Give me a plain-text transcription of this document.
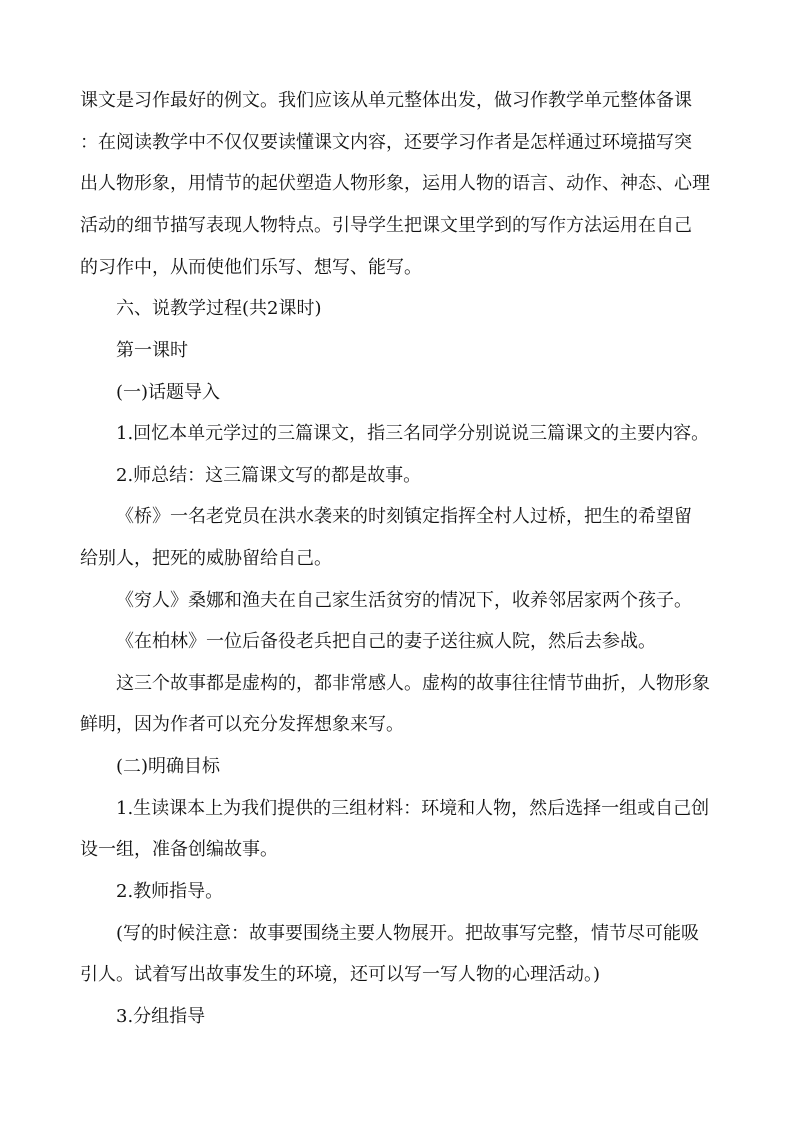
课文是习作最好的例文。我们应该从单元整体出发，做习作教学单元整体备课
：在阅读教学中不仅仅要读懂课文内容，还要学习作者是怎样通过环境描写突
出人物形象，用情节的起伏塑造人物形象，运用人物的语言、动作、神态、心理
活动的细节描写表现人物特点。引导学生把课文里学到的写作方法运用在自己
的习作中，从而使他们乐写、想写、能写。
六、说教学过程(共2课时)
第一课时
(一)话题导入
1.回忆本单元学过的三篇课文，指三名同学分别说说三篇课文的主要内容。
2.师总结：这三篇课文写的都是故事。
《桥》一名老党员在洪水袭来的时刻镇定指挥全村人过桥，把生的希望留
给别人，把死的威胁留给自己。
《穷人》桑娜和渔夫在自己家生活贫穷的情况下，收养邻居家两个孩子。
《在柏林》一位后备役老兵把自己的妻子送往疯人院，然后去参战。
这三个故事都是虚构的，都非常感人。虚构的故事往往情节曲折，人物形象
鲜明，因为作者可以充分发挥想象来写。
(二)明确目标
1.生读课本上为我们提供的三组材料：环境和人物，然后选择一组或自己创
设一组，准备创编故事。
2.教师指导。
(写的时候注意：故事要围绕主要人物展开。把故事写完整，情节尽可能吸
引人。试着写出故事发生的环境，还可以写一写人物的心理活动。)
3.分组指导
